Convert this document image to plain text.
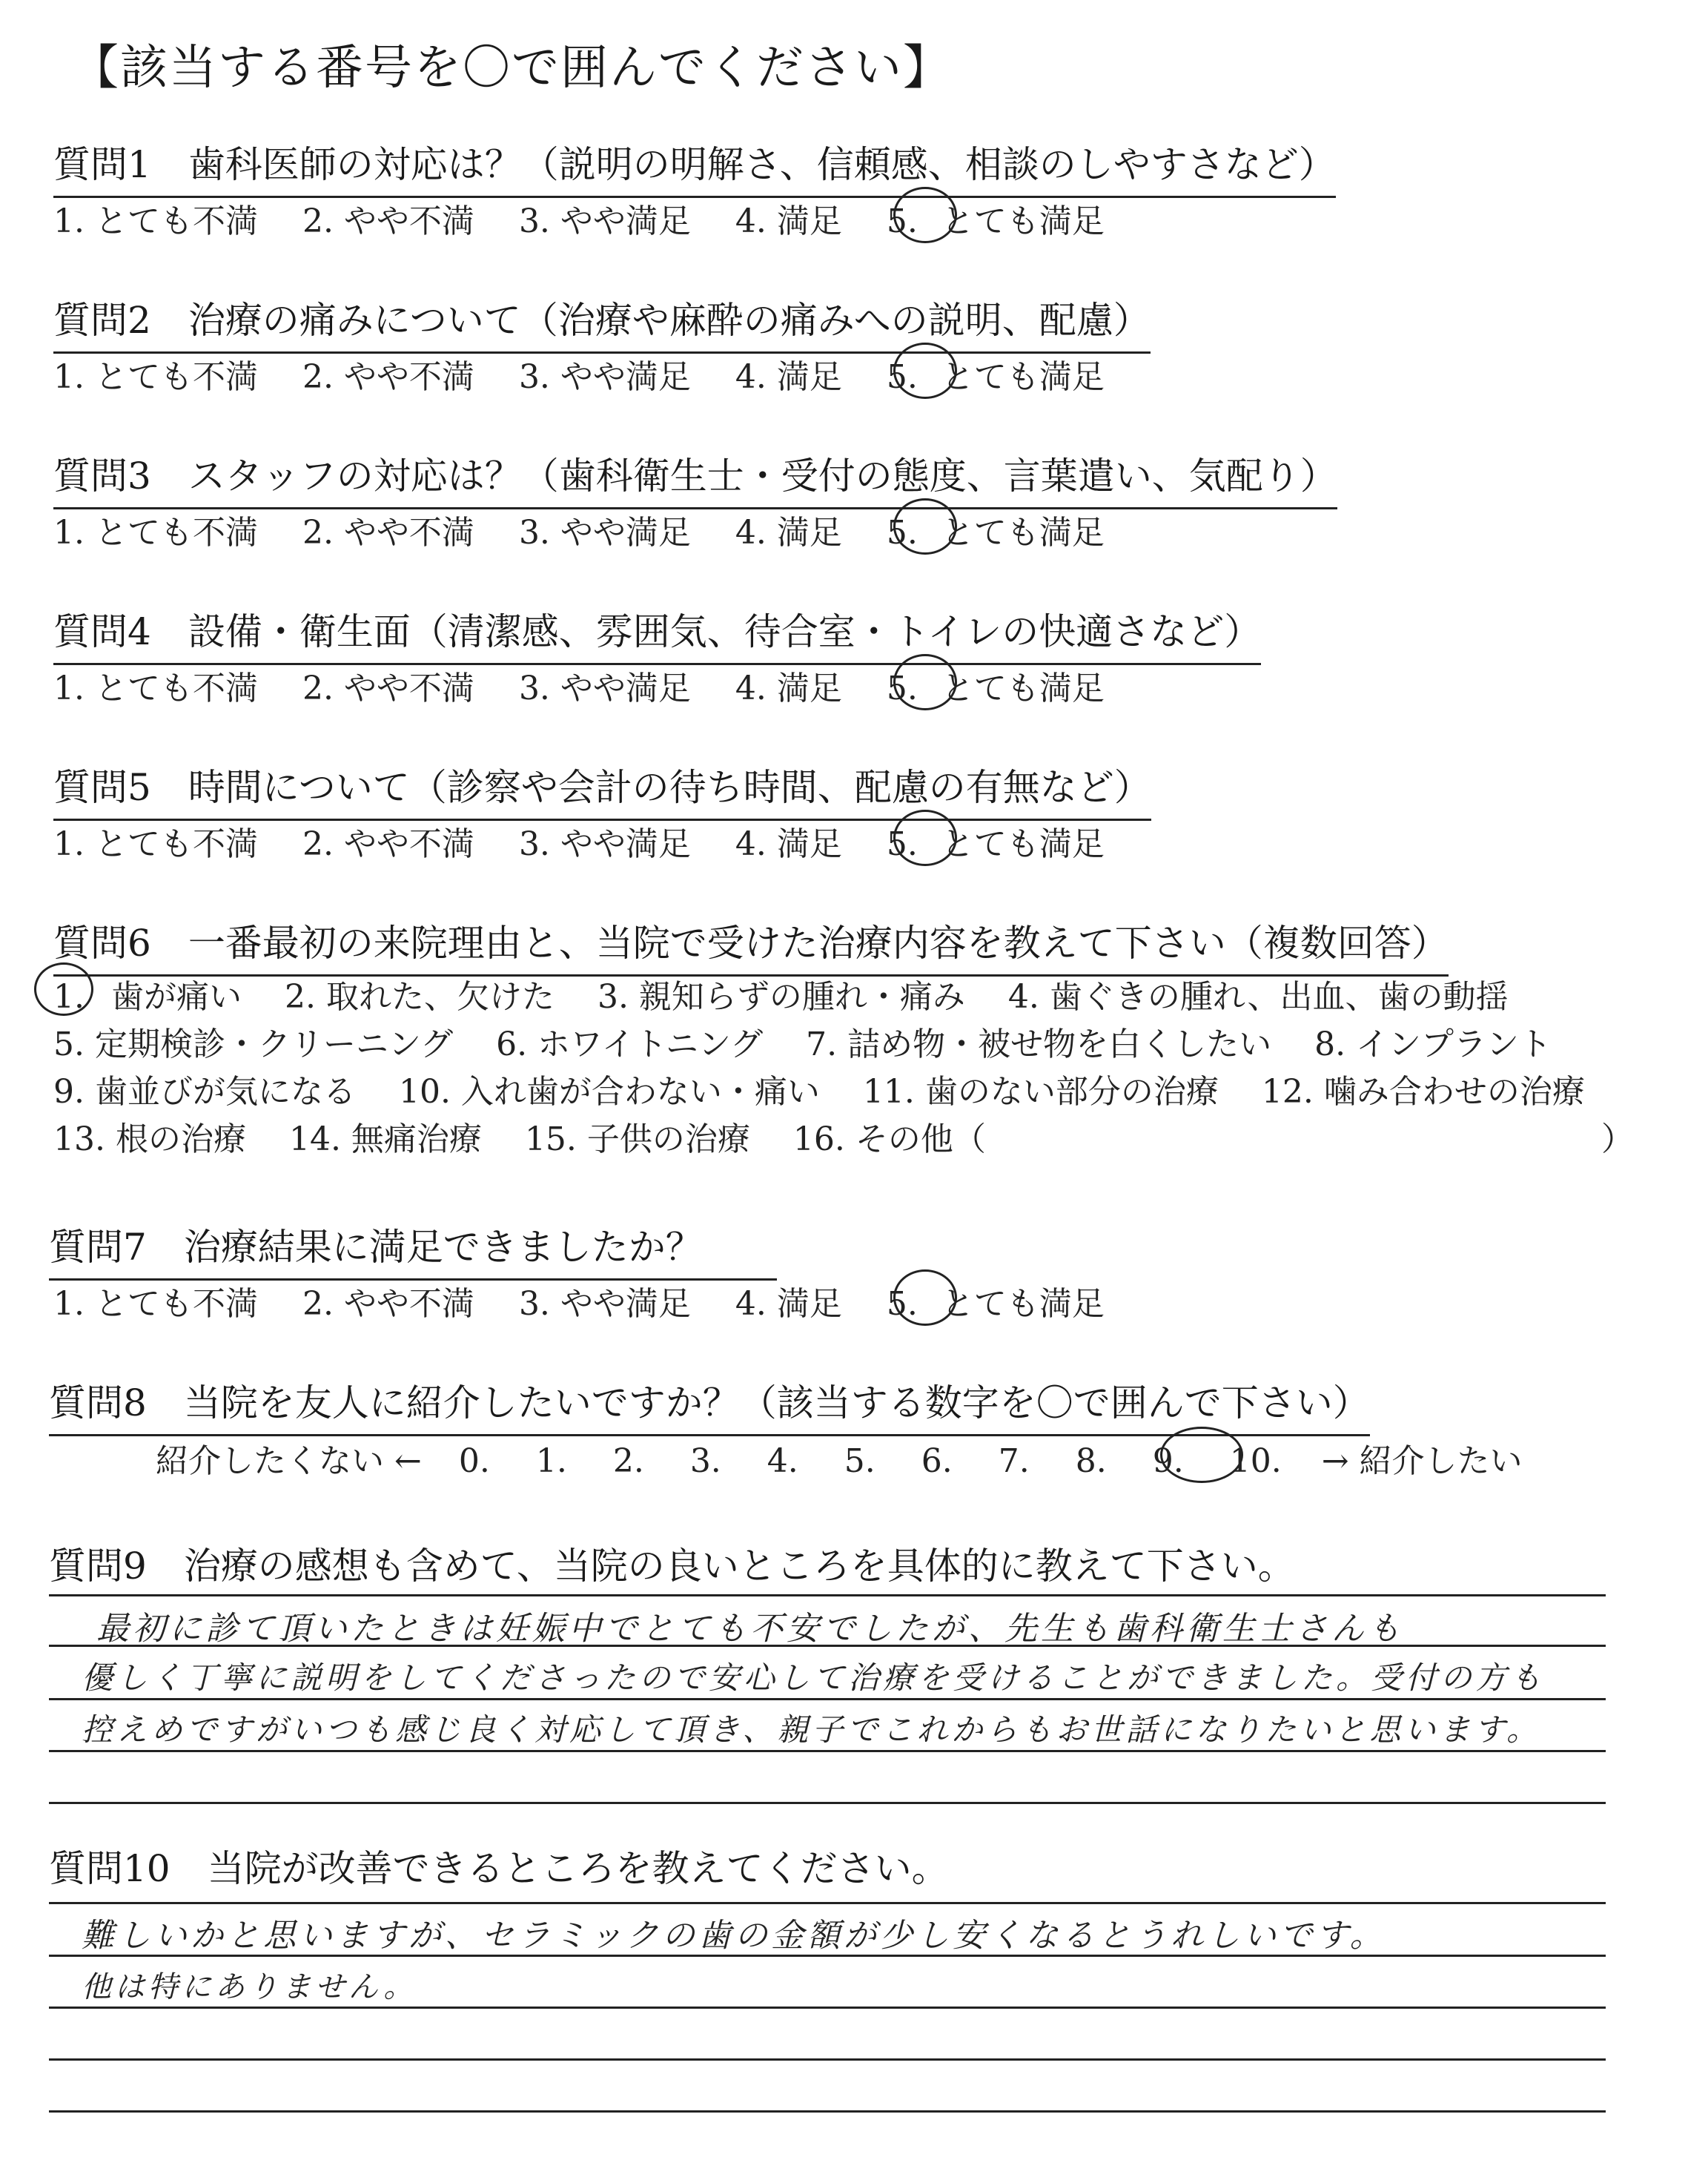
【該当する番号を〇で囲んでください】
質問1　 歯科医師の対応は？（説明の明解さ、信頼感、相談のしやすさなど）
1. とても不満 2. やや不満 3. やや満足 4. 満足 5. とても満足
質問2　 治療の痛みについて（治療や麻酔の痛みへの説明、配慮）
1. とても不満 2. やや不満 3. やや満足 4. 満足 5. とても満足
質問3　 スタッフの対応は？（歯科衛生士・受付の態度、言葉遣い、気配り）
1. とても不満 2. やや不満 3. やや満足 4. 満足 5. とても満足
質問4　 設備・衛生面（清潔感、雰囲気、待合室・トイレの快適さなど）
1. とても不満 2. やや不満 3. やや満足 4. 満足 5. とても満足
質問5　 時間について（診察や会計の待ち時間、配慮の有無など）
1. とても不満 2. やや不満 3. やや満足 4. 満足 5. とても満足
質問6　 一番最初の来院理由と、当院で受けた治療内容を教えて下さい（複数回答）
1. 歯が痛い 2. 取れた、欠けた 3. 親知らずの腫れ・痛み 4. 歯ぐきの腫れ、出血、歯の動揺
5. 定期検診・クリーニング 6. ホワイトニング 7. 詰め物・被せ物を白くしたい 8. インプラント
9. 歯並びが気になる 10. 入れ歯が合わない・痛い 11. 歯のない部分の治療 12. 噛み合わせの治療
13. 根の治療 14. 無痛治療 15. 子供の治療 16. その他（	）
質問7　 治療結果に満足できましたか？　　
1. とても不満 2. やや不満 3. やや満足 4. 満足 5. とても満足
質問8　 当院を友人に紹介したいですか？（該当する数字を〇で囲んで下さい）
紹介したくない ← 0. 1. 2. 3. 4. 5. 6. 7. 8. 9. 10. → 紹介したい
質問9　 治療の感想も含めて、当院の良いところを具体的に教えて下さい。
最初に診て頂いたときは妊娠中でとても不安でしたが、先生も歯科衛生士さんも
優しく丁寧に説明をしてくださったので安心して治療を受けることができました。受付の方も
控えめですがいつも感じ良く対応して頂き、親子でこれからもお世話になりたいと思います。
質問10　 当院が改善できるところを教えてください。
難しいかと思いますが、セラミックの歯の金額が少し安くなるとうれしいです。
他は特にありません。
